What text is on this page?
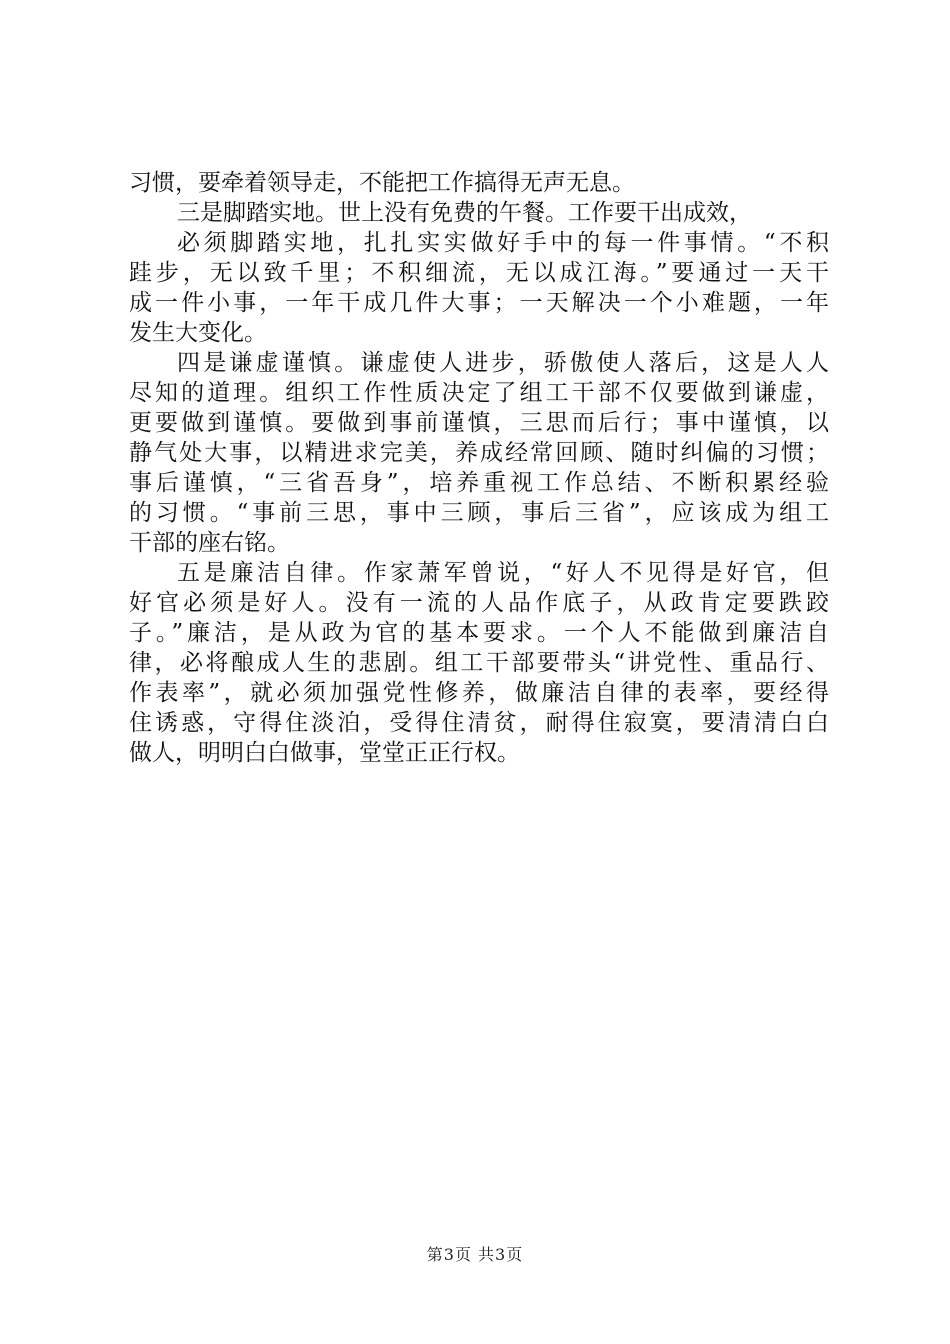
习惯，要牵着领导走，不能把工作搞得无声无息。
三是脚踏实地。世上没有免费的午餐。工作要干出成效，
必须脚踏实地，扎扎实实做好手中的每一件事情。“不积
跬步，无以致千里；不积细流，无以成江海。”要通过一天干
成一件小事，一年干成几件大事；一天解决一个小难题，一年
发生大变化。
四是谦虚谨慎。谦虚使人进步，骄傲使人落后，这是人人
尽知的道理。组织工作性质决定了组工干部不仅要做到谦虚，
更要做到谨慎。要做到事前谨慎，三思而后行；事中谨慎，以
静气处大事，以精进求完美，养成经常回顾、随时纠偏的习惯；
事后谨慎，“三省吾身”，培养重视工作总结、不断积累经验
的习惯。“事前三思，事中三顾，事后三省”，应该成为组工
干部的座右铭。
五是廉洁自律。作家萧军曾说，“好人不见得是好官，但
好官必须是好人。没有一流的人品作底子，从政肯定要跌跤
子。”廉洁，是从政为官的基本要求。一个人不能做到廉洁自
律，必将酿成人生的悲剧。组工干部要带头“讲党性、重品行、
作表率”，就必须加强党性修养，做廉洁自律的表率，要经得
住诱惑，守得住淡泊，受得住清贫，耐得住寂寞，要清清白白
做人，明明白白做事，堂堂正正行权。
第3页 共3页
